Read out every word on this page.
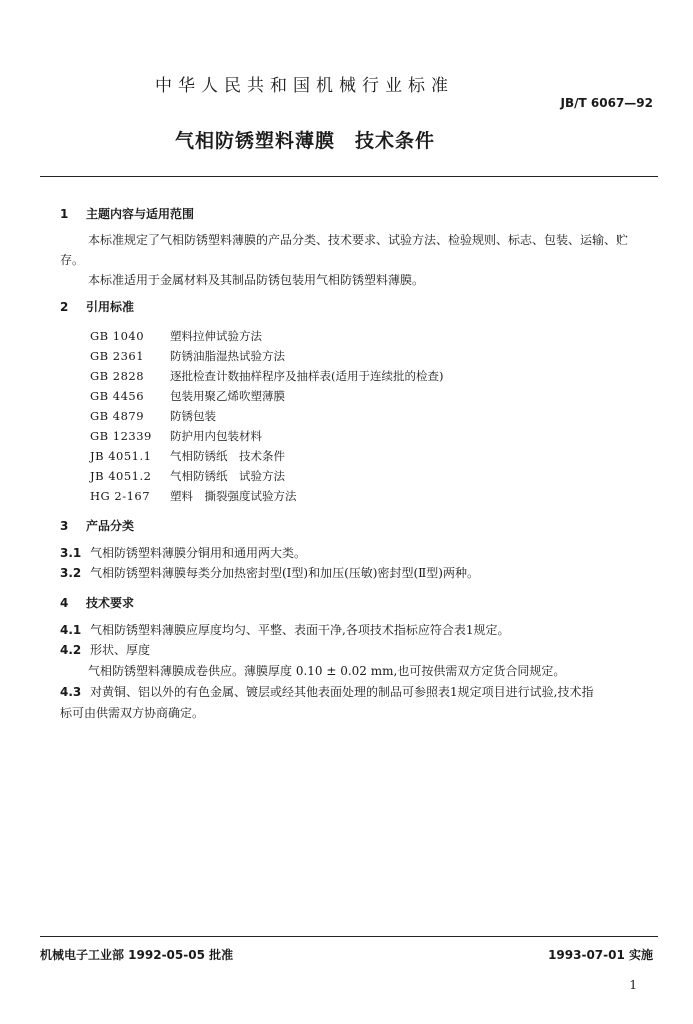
中华人民共和国机械行业标准
JB/T 6067—92
气相防锈塑料薄膜　技术条件
1 主题内容与适用范围
本标准规定了气相防锈塑料薄膜的产品分类、技术要求、试验方法、检验规则、标志、包装、运输、贮
存。
本标准适用于金属材料及其制品防锈包装用气相防锈塑料薄膜。
2 引用标准
GB 1040 塑料拉伸试验方法
GB 2361 防锈油脂湿热试验方法
GB 2828 逐批检查计数抽样程序及抽样表(适用于连续批的检查)
GB 4456 包装用聚乙烯吹塑薄膜
GB 4879 防锈包装
GB 12339 防护用内包装材料
JB 4051.1 气相防锈纸　技术条件
JB 4051.2 气相防锈纸　试验方法
HG 2-167 塑料　撕裂强度试验方法
3 产品分类
3.1 气相防锈塑料薄膜分铜用和通用两大类。
3.2 气相防锈塑料薄膜每类分加热密封型(Ⅰ型)和加压(压敏)密封型(Ⅱ型)两种。
4 技术要求
4.1 气相防锈塑料薄膜应厚度均匀、平整、表面干净,各项技术指标应符合表1规定。
4.2 形状、厚度
气相防锈塑料薄膜成卷供应。薄膜厚度 0.10 ± 0.02 mm,也可按供需双方定货合同规定。
4.3 对黄铜、铝以外的有色金属、镀层或经其他表面处理的制品可参照表1规定项目进行试验,技术指
标可由供需双方协商确定。
机械电子工业部 1992-05-05 批准	1993-07-01 实施
1
